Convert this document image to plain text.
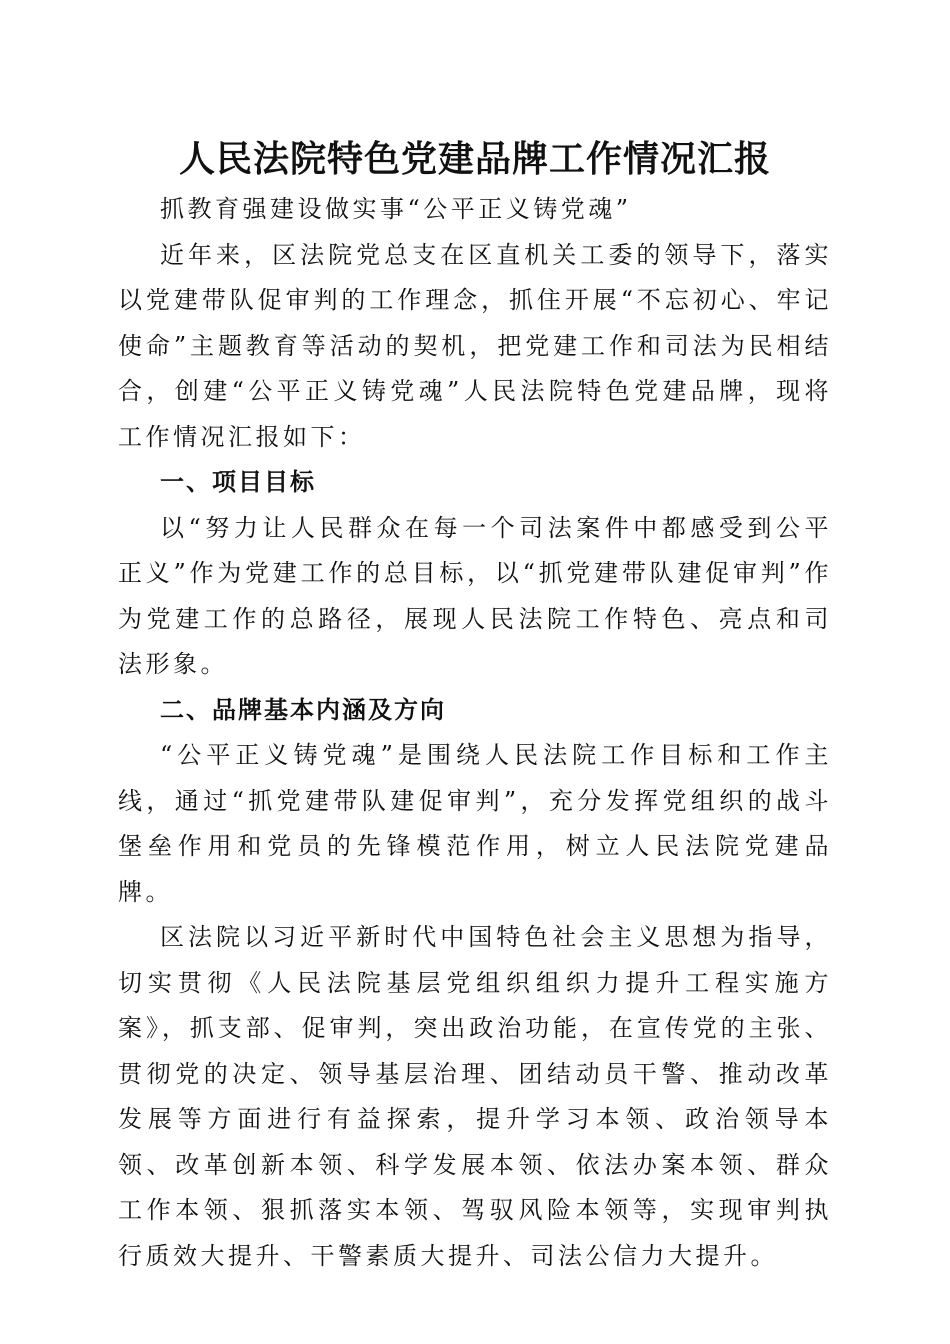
人民法院特色党建品牌工作情况汇报

抓教育强建设做实事“公平正义铸党魂”

近年来，区法院党总支在区直机关工委的领导下，落实以党建带队促审判的工作理念，抓住开展“不忘初心、牢记使命”主题教育等活动的契机，把党建工作和司法为民相结合，创建“公平正义铸党魂”人民法院特色党建品牌，现将工作情况汇报如下：

一、项目目标

以“努力让人民群众在每一个司法案件中都感受到公平正义”作为党建工作的总目标，以“抓党建带队建促审判”作为党建工作的总路径，展现人民法院工作特色、亮点和司法形象。

二、品牌基本内涵及方向

“公平正义铸党魂”是围绕人民法院工作目标和工作主线，通过“抓党建带队建促审判”，充分发挥党组织的战斗堡垒作用和党员的先锋模范作用，树立人民法院党建品牌。

区法院以习近平新时代中国特色社会主义思想为指导，切实贯彻《人民法院基层党组织组织力提升工程实施方案》，抓支部、促审判，突出政治功能，在宣传党的主张、贯彻党的决定、领导基层治理、团结动员干警、推动改革发展等方面进行有益探索，提升学习本领、政治领导本领、改革创新本领、科学发展本领、依法办案本领、群众工作本领、狠抓落实本领、驾驭风险本领等，实现审判执行质效大提升、干警素质大提升、司法公信力大提升。
